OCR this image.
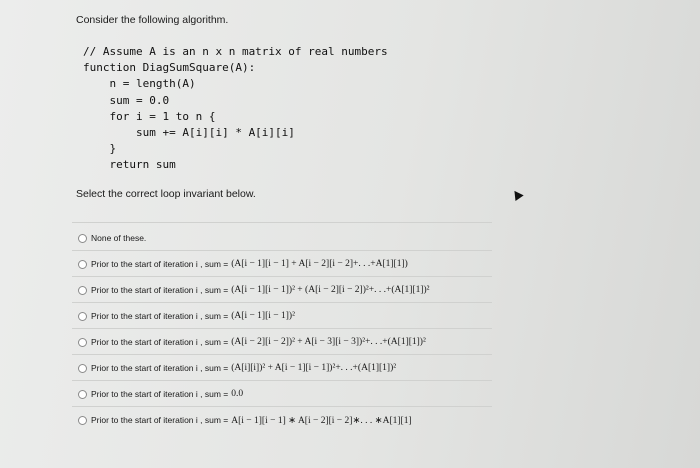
Consider the following algorithm.
// Assume A is an n x n matrix of real numbers
function DiagSumSquare(A):
n = length(A)
sum = 0.0
for i = 1 to n {
sum += A[i][i] * A[i][i]
}
return sum
Select the correct loop invariant below.
None of these.
Prior to the start of iteration i , sum = (A[i − 1][i − 1] + A[i − 2][i − 2]+. . .+A[1][1])
Prior to the start of iteration i , sum = (A[i − 1][i − 1])² + (A[i − 2][i − 2])²+. . .+(A[1][1])²
Prior to the start of iteration i , sum = (A[i − 1][i − 1])²
Prior to the start of iteration i , sum = (A[i − 2][i − 2])² + A[i − 3][i − 3])²+. . .+(A[1][1])²
Prior to the start of iteration i , sum = (A[i][i])² + A[i − 1][i − 1])²+. . .+(A[1][1])²
Prior to the start of iteration i , sum = 0.0
Prior to the start of iteration i , sum = A[i − 1][i − 1] ∗ A[i − 2][i − 2]∗. . . ∗A[1][1]
